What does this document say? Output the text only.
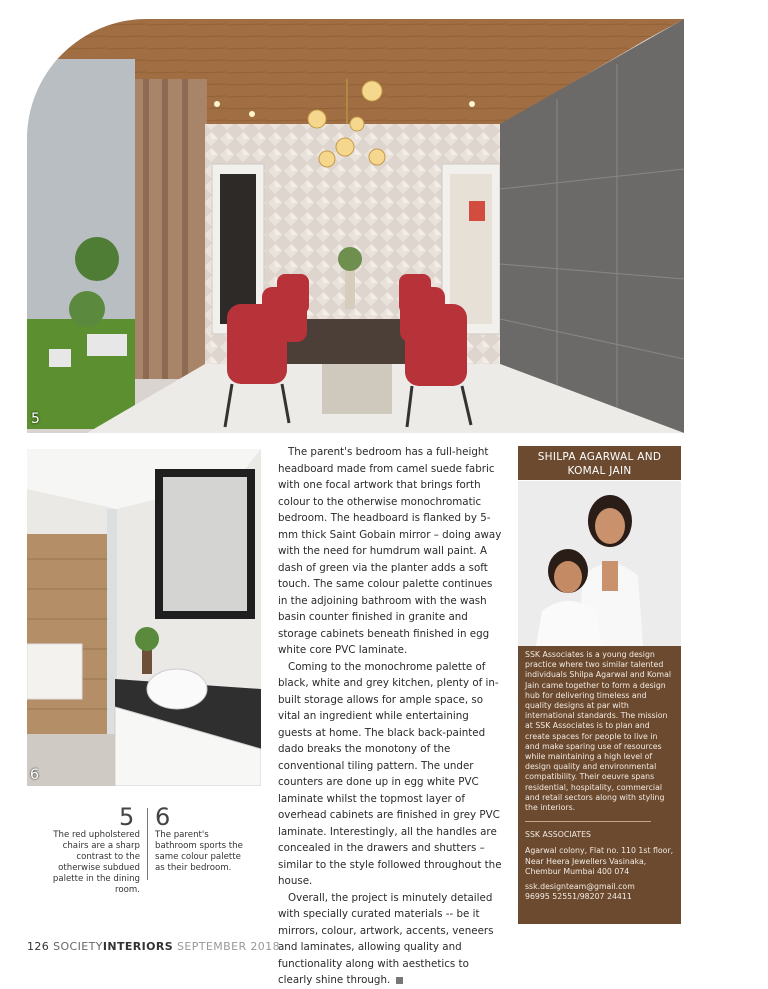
5
6
5
The red upholstered chairs are a sharp contrast to the otherwise subdued palette in the dining room.
6
The parent's bathroom sports the same colour palette as their bedroom.

The parent's bedroom has a full-height headboard made from camel suede fabric with one focal artwork that brings forth colour to the otherwise monochromatic bedroom. The headboard is flanked by 5-mm thick Saint Gobain mirror – doing away with the need for humdrum wall paint. A dash of green via the planter adds a soft touch. The same colour palette continues in the adjoining bathroom with the wash basin counter finished in granite and storage cabinets beneath finished in egg white core PVC laminate.

Coming to the monochrome palette of black, white and grey kitchen, plenty of in-built storage allows for ample space, so vital an ingredient while entertaining guests at home. The black back-painted dado breaks the monotony of the conventional tiling pattern. The under counters are done up in egg white PVC laminate whilst the topmost layer of overhead cabinets are finished in grey PVC laminate. Interestingly, all the handles are concealed in the drawers and shutters – similar to the style followed throughout the house.

Overall, the project is minutely detailed with specially curated materials -- be it mirrors, colour, artwork, accents, veneers and laminates, allowing quality and functionality along with aesthetics to clearly shine through.

SHILPA AGARWAL AND KOMAL JAIN

SSK Associates is a young design practice where two similar talented individuals Shilpa Agarwal and Komal Jain came together to form a design hub for delivering timeless and quality designs at par with international standards. The mission at SSK Associates is to plan and create spaces for people to live in and make sparing use of resources while maintaining a high level of design quality and environmental compatibility. Their oeuvre spans residential, hospitality, commercial and retail sectors along with styling the interiors.

SSK ASSOCIATES

Agarwal colony, Flat no. 110 1st floor, Near Heera Jewellers Vasinaka, Chembur Mumbai 400 074

ssk.designteam@gmail.com

96995 52551/98207 24411

126 SOCIETYINTERIORS SEPTEMBER 2018
